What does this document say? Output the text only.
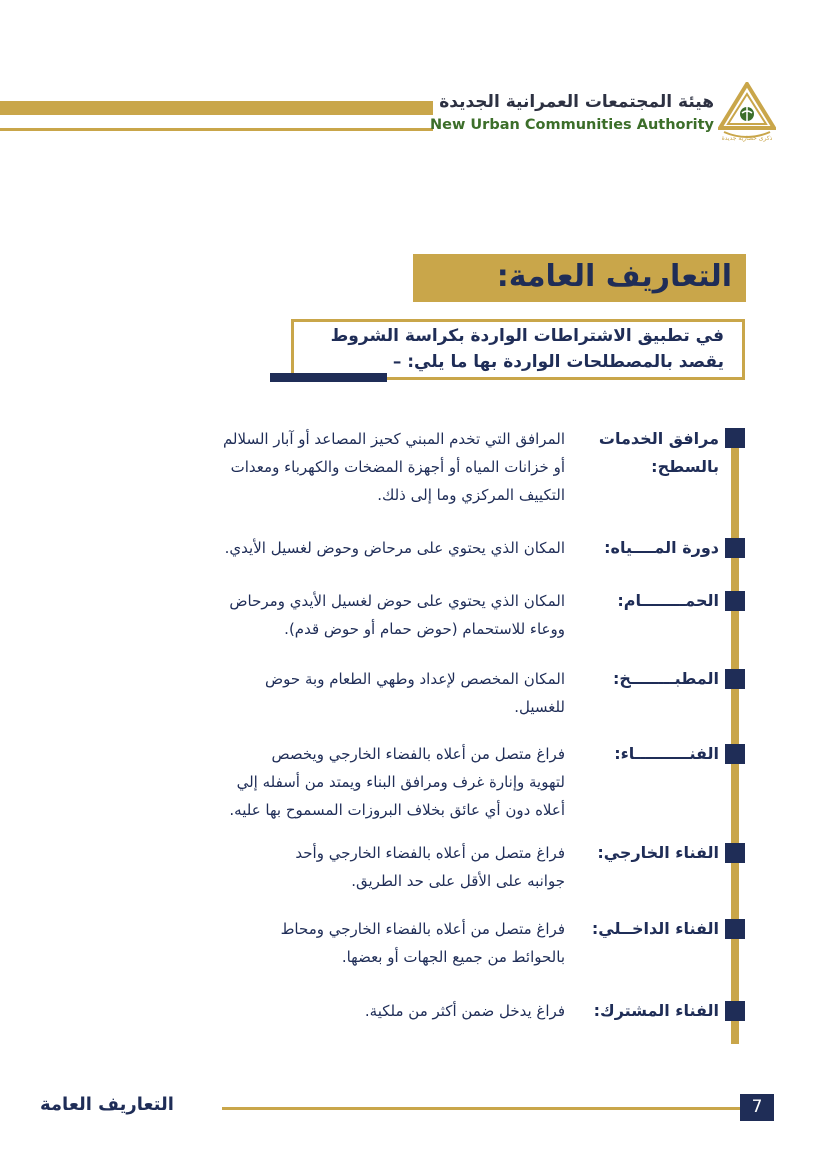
هيئة المجتمعات العمرانية الجديدة
New Urban Communities Authority
ذكرى حضارية جديدة
التعاريف العامة:
في تطبيق الاشتراطات الواردة بكراسة الشروط
يقصد بالمصطلحات الواردة بها ما يلي: –
مرافق الخدمات
بالسطح:
المرافق التي تخدم المبني كحيز المصاعد أو آبار السلالم
أو خزانات المياه أو أجهزة المضخات والكهرباء ومعدات
التكييف المركزي وما إلى ذلك.
دورة المــــياه:
المكان الذي يحتوي على مرحاض وحوض لغسيل الأيدي.
الحمــــــــام:
المكان الذي يحتوي على حوض لغسيل الأيدي ومرحاض
ووعاء للاستحمام (حوض حمام أو حوض قدم).
المطبــــــــخ:
المكان المخصص لإعداد وطهي الطعام وبة حوض
للغسيل.
الفنــــــــــاء:
فراغ متصل من أعلاه بالفضاء الخارجي ويخصص
لتهوية وإنارة غرف ومرافق البناء ويمتد من أسفله إلي
أعلاه دون أي عائق بخلاف البروزات المسموح بها عليه.
الفناء الخارجي:
فراغ متصل من أعلاه بالفضاء الخارجي وأحد
جوانبه على الأقل على حد الطريق.
الفناء الداخــلي:
فراغ متصل من أعلاه بالفضاء الخارجي ومحاط
بالحوائط من جميع الجهات أو بعضها.
الفناء المشترك:
فراغ يدخل ضمن أكثر من ملكية.
7
التعاريف العامة
